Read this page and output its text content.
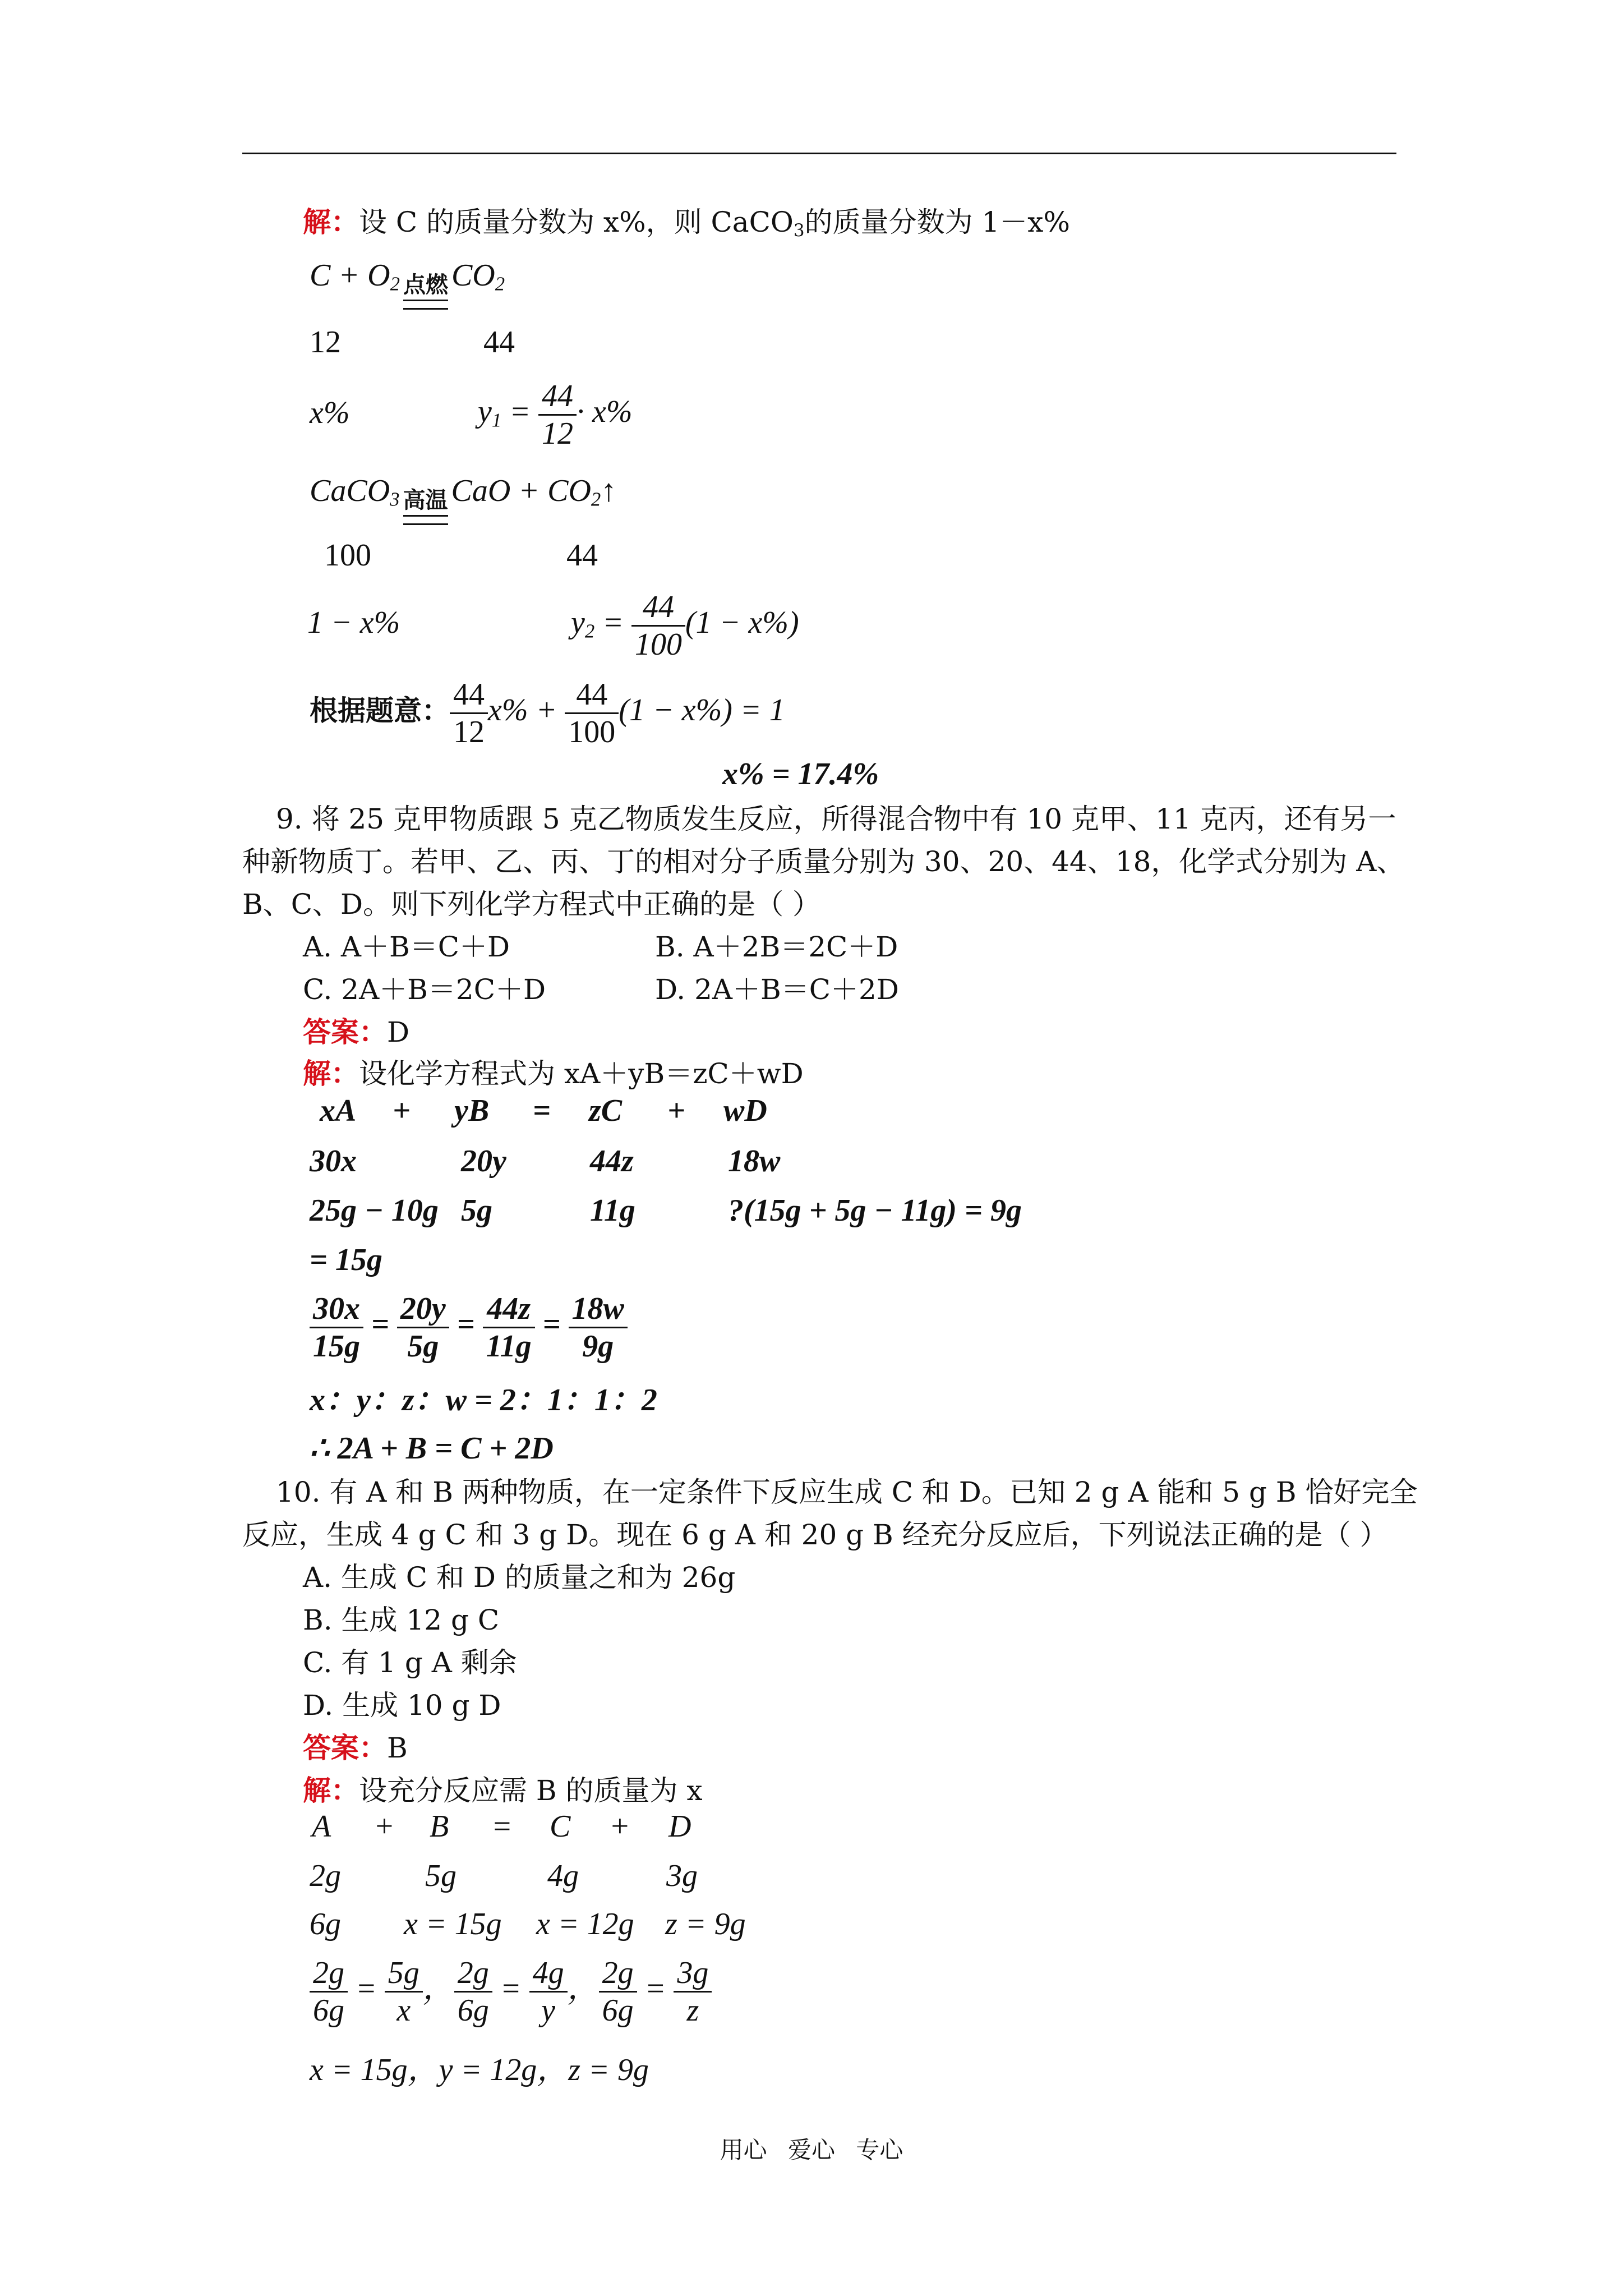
解：设 C 的质量分数为 x%，则 CaCO$_3$的质量分数为 1－x%
$C + O_2$ 点燃 $CO_2$
12	44
x%	$y_1 = \frac{44}{12} \cdot x\%$
CaCO$_3$ 高温 CaO + $CO_2↑$
100	44
1 − x%	$y_2 = \frac{44}{100} (1 - x\%)$
根据题意： $\frac{44}{12} x\% + \frac{44}{100} (1 - x\%) = 1$
x% = 17.4%
9. 将 25 克甲物质跟 5 克乙物质发生反应，所得混合物中有 10 克甲、11 克丙，还有另一
种新物质丁。若甲、乙、丙、丁的相对分子质量分别为 30、20、44、18，化学式分别为 A、
B、C、D。则下列化学方程式中正确的是（ ）
A. A＋B＝C＋D	B. A＋2B＝2C＋D
C. 2A＋B＝2C＋D	D. 2A＋B＝C＋2D
答案：D
解：设化学方程式为 xA＋yB＝zC＋wD
xA + yB = zC + wD
30x	20y	44z	18w
25g − 10g 5g	11g	?(15g + 5g − 11g) = 9g
= 15g
$\frac{30x}{15g} = \frac{20y}{5g} = \frac{44z}{11g} = \frac{18w}{9g}$
x：y：z：w = 2：1：1：2
∴ 2A + B = C + 2D
10. 有 A 和 B 两种物质，在一定条件下反应生成 C 和 D。已知 2 g A 能和 5 g B 恰好完全
反应，生成 4 g C 和 3 g D。现在 6 g A 和 20 g B 经充分反应后，下列说法正确的是（ ）
A. 生成 C 和 D 的质量之和为 26g
B. 生成 12 g C
C. 有 1 g A 剩余
D. 生成 10 g D
答案：B
解：设充分反应需 B 的质量为 x
A + B = C + D
2g	5g	4g	3g
6g x = 15g x = 12g z = 9g
$\frac{2g}{6g} = \frac{5g}{x}$ ， $\frac{2g}{6g} = \frac{4g}{y}$ ， $\frac{2g}{6g} = \frac{3g}{z}$
x = 15g，y = 12g，z = 9g
用心 爱心 专心
